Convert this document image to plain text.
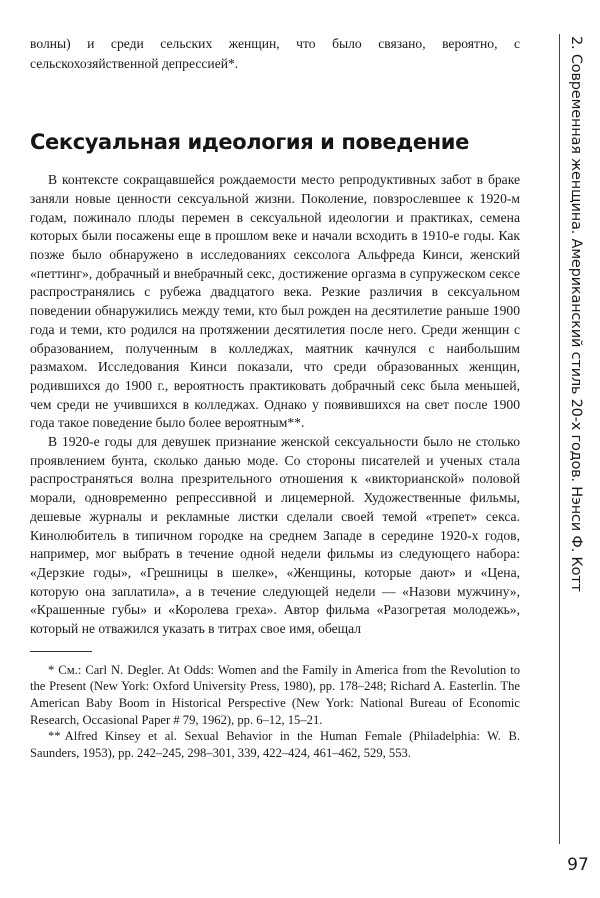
волны) и среди сельских женщин, что было связано, вероятно, с сельскохозяйственной депрессией*.

Сексуальная идеология и поведение

В контексте сокращавшейся рождаемости место репродуктивных забот в браке заняли новые ценности сексуальной жизни. Поколение, повзрослевшее к 1920-м годам, пожинало плоды перемен в сексуальной идеологии и практиках, семена которых были посажены еще в прошлом веке и начали всходить в 1910-е годы. Как позже было обнаружено в исследованиях сексолога Альфреда Кинси, женский «петтинг», добрачный и внебрачный секс, достижение оргазма в супружеском сексе распространялись с рубежа двадцатого века. Резкие различия в сексуальном поведении обнаружились между теми, кто был рожден на десятилетие раньше 1900 года и теми, кто родился на протяжении десятилетия после него. Среди женщин с образованием, полученным в колледжах, маятник качнулся с наибольшим размахом. Исследования Кинси показали, что среди образованных женщин, родившихся до 1900 г., вероятность практиковать добрачный секс была меньшей, чем среди не учившихся в колледжах. Однако у появившихся на свет после 1900 года такое поведение было более вероятным**.

В 1920-е годы для девушек признание женской сексуальности было не столько проявлением бунта, сколько данью моде. Со стороны писателей и ученых стала распространяться волна презрительного отношения к «викторианской» половой морали, одновременно репрессивной и лицемерной. Художественные фильмы, дешевые журналы и рекламные листки сделали своей темой «трепет» секса. Кинолюбитель в типичном городке на среднем Западе в середине 1920-х годов, например, мог выбрать в течение одной недели фильмы из следующего набора: «Дерзкие годы», «Грешницы в шелке», «Женщины, которые дают» и «Цена, которую она заплатила», а в течение следующей недели — «Назови мужчину», «Крашенные губы» и «Королева греха». Автор фильма «Разогретая молодежь», который не отважился указать в титрах свое имя, обещал

* См.: Carl N. Degler. At Odds: Women and the Family in America from the Revolution to the Present (New York: Oxford University Press, 1980), pp. 178–248; Richard A. Easterlin. The American Baby Boom in Historical Perspective (New York: National Bureau of Economic Research, Occasional Paper # 79, 1962), pp. 6–12, 15–21.

** Alfred Kinsey et al. Sexual Behavior in the Human Female (Philadelphia: W. B. Saunders, 1953), pp. 242–245, 298–301, 339, 422–424, 461–462, 529, 553.

2. Современная женщина. Американский стиль 20-х годов. Нэнси Ф. Котт
97
